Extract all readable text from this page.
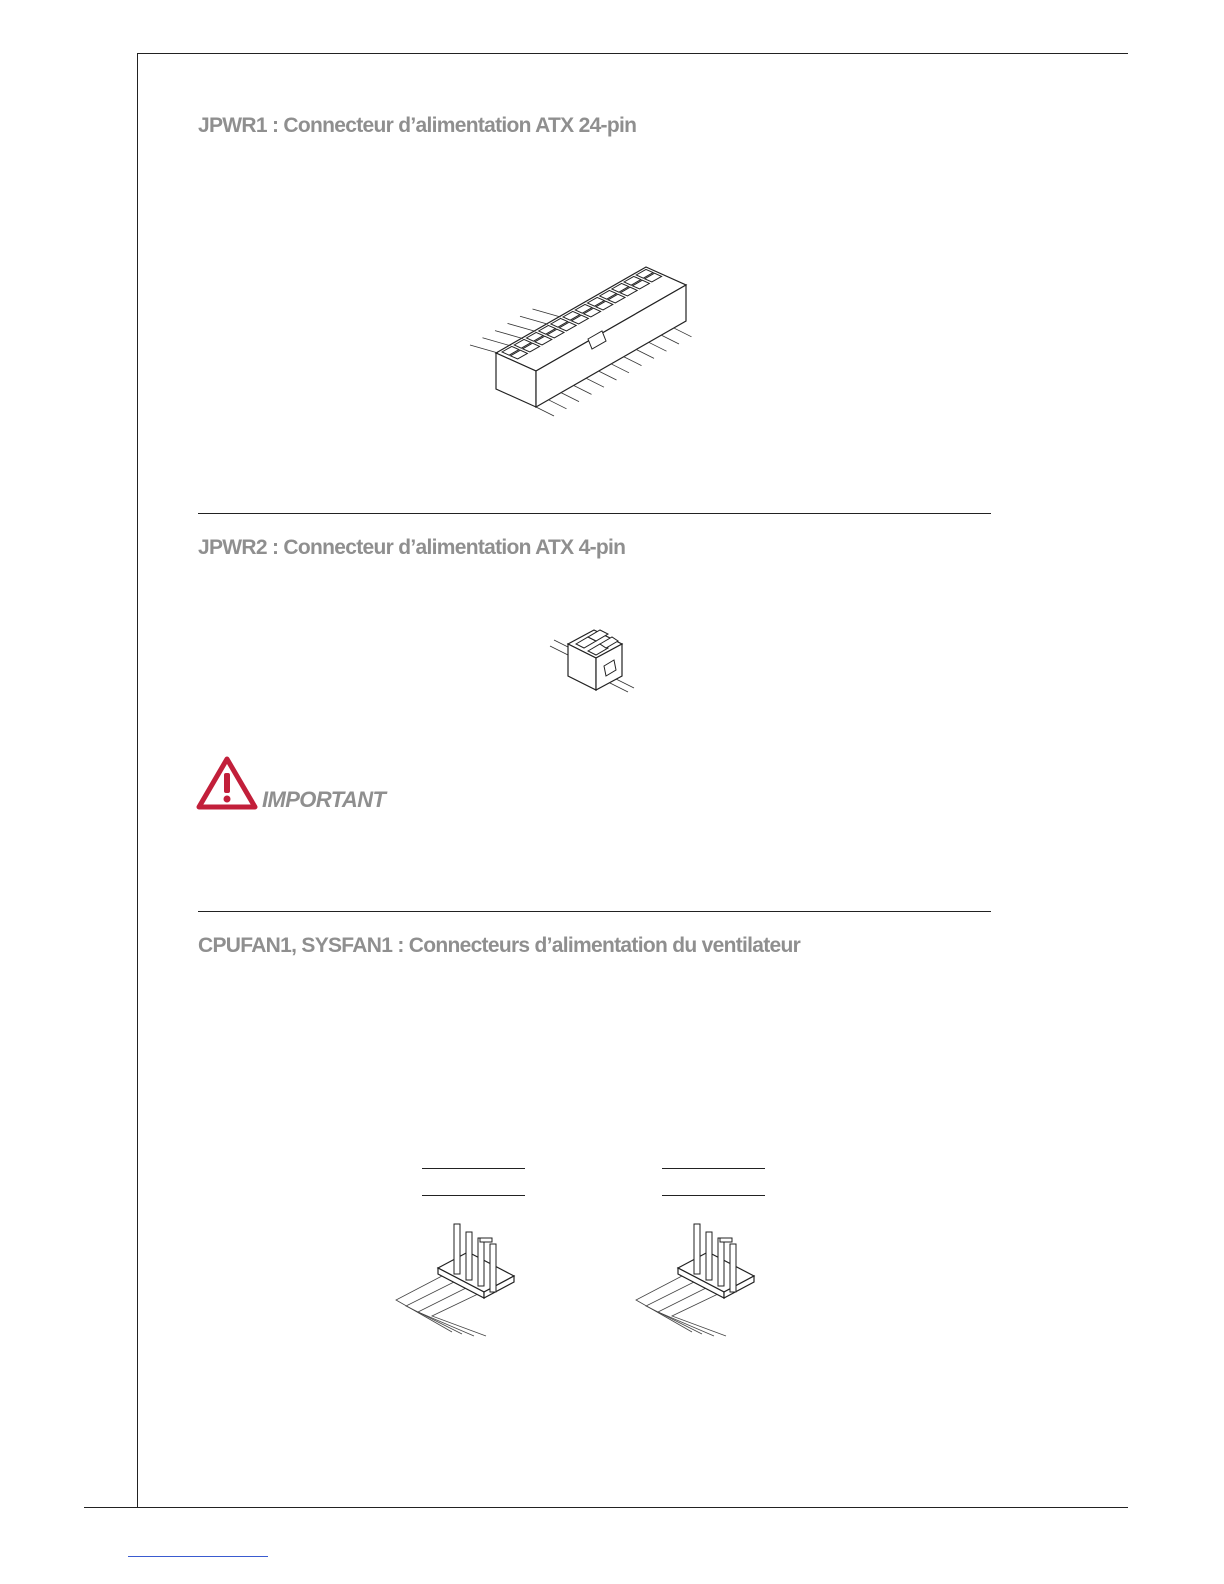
JPWR1 : Connecteur d’alimentation ATX 24-pin
JPWR2 : Connecteur d’alimentation ATX 4-pin
IMPORTANT
CPUFAN1, SYSFAN1 : Connecteurs d’alimentation du ventilateur
